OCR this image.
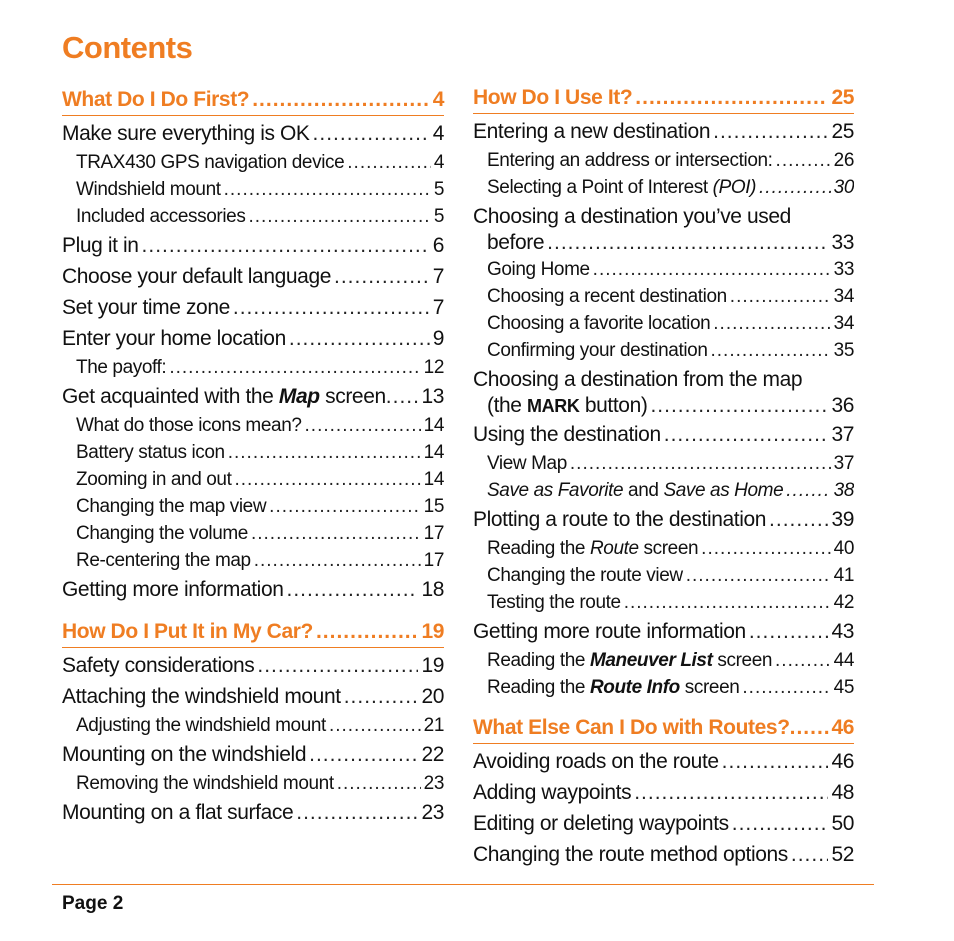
Contents
What Do I Do First? .....	4
Make sure everything is OK .....	4
TRAX430 GPS navigation device .....	4
Windshield mount .....	5
Included accessories .....	5
Plug it in .....	6
Choose your default language .....	7
Set your time zone .....	7
Enter your home location .....	9
The payoff: .....	12
Get acquainted with the Map screen ..... 13
What do those icons mean? .....	14
Battery status icon .....	14
Zooming in and out .....	14
Changing the map view .....	15
Changing the volume .....	17
Re-centering the map .....	17
Getting more information .....	18
How Do I Put It in My Car? .....	19
Safety considerations .....	19
Attaching the windshield mount .....	20
Adjusting the windshield mount .....	21
Mounting on the windshield .....	22
Removing the windshield mount .....	23
Mounting on a flat surface .....	23
How Do I Use It? .....	25
Entering a new destination .....	25
Entering an address or intersection: .....	26
Selecting a Point of Interest (POI) .....	30
Choosing a destination you’ve used
before .....	33
Going Home .....	33
Choosing a recent destination .....	34
Choosing a favorite location .....	34
Confirming your destination .....	35
Choosing a destination from the map
(the MARK button) .....	36
Using the destination .....	37
View Map .....	37
Save as Favorite and Save as Home .....	38
Plotting a route to the destination .....	39
Reading the Route screen .....	40
Changing the route view .....	41
Testing the route .....	42
Getting more route information .....	43
Reading the Maneuver List screen .....	44
Reading the Route Info screen .....	45
What Else Can I Do with Routes? ..... 46
Avoiding roads on the route .....	46
Adding waypoints .....	48
Editing or deleting waypoints .....	50
Changing the route method options ..... 52
Page 2
